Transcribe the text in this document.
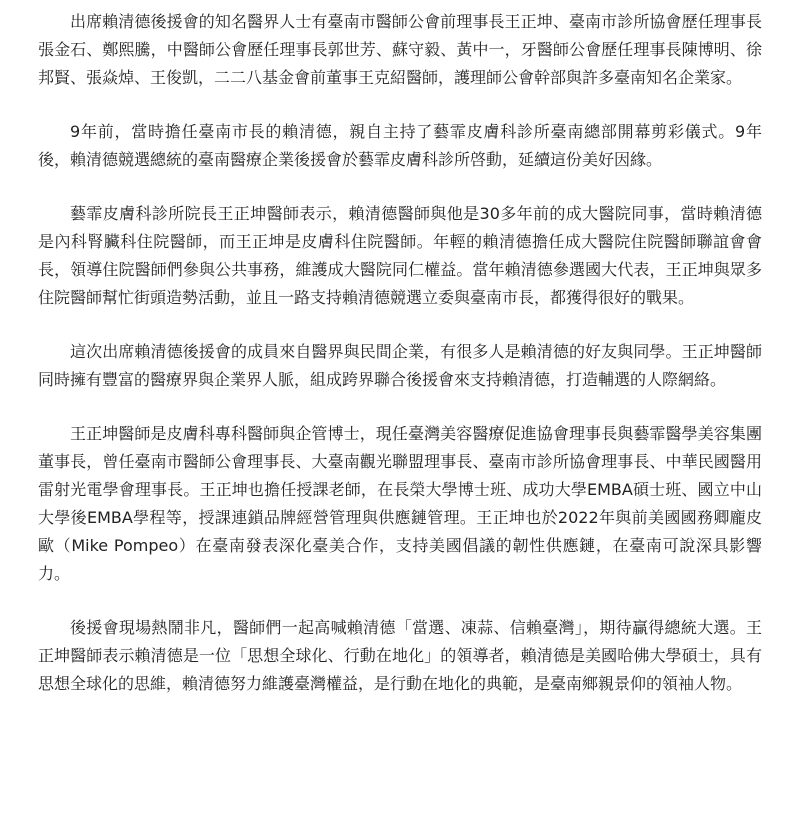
出席賴清德後援會的知名醫界人士有臺南市醫師公會前理事長王正坤、臺南市診所協會歷任理事長張金石、鄭熙騰，中醫師公會歷任理事長郭世芳、蘇守毅、黃中一，牙醫師公會歷任理事長陳博明、徐邦賢、張焱焯、王俊凱，二二八基金會前董事王克紹醫師，護理師公會幹部與許多臺南知名企業家。

9年前，當時擔任臺南市長的賴清德，親自主持了藝霏皮膚科診所臺南總部開幕剪彩儀式。9年後，賴清德競選總統的臺南醫療企業後援會於藝霏皮膚科診所啓動，延續這份美好因緣。

藝霏皮膚科診所院長王正坤醫師表示，賴清德醫師與他是30多年前的成大醫院同事，當時賴清德是內科腎臟科住院醫師，而王正坤是皮膚科住院醫師。年輕的賴清德擔任成大醫院住院醫師聯誼會會長，領導住院醫師們參與公共事務，維護成大醫院同仁權益。當年賴清德參選國大代表，王正坤與眾多住院醫師幫忙街頭造勢活動，並且一路支持賴清德競選立委與臺南市長，都獲得很好的戰果。

這次出席賴清德後援會的成員來自醫界與民間企業，有很多人是賴清德的好友與同學。王正坤醫師同時擁有豐富的醫療界與企業界人脈，組成跨界聯合後援會來支持賴清德，打造輔選的人際網絡。

王正坤醫師是皮膚科專科醫師與企管博士，現任臺灣美容醫療促進協會理事長與藝霏醫學美容集團董事長，曾任臺南市醫師公會理事長、大臺南觀光聯盟理事長、臺南市診所協會理事長、中華民國醫用雷射光電學會理事長。王正坤也擔任授課老師，在長榮大學博士班、成功大學EMBA碩士班、國立中山大學後EMBA學程等，授課連鎖品牌經營管理與供應鏈管理。王正坤也於2022年與前美國國務卿龐皮歐（Mike Pompeo）在臺南發表深化臺美合作，支持美國倡議的韌性供應鏈，在臺南可說深具影響力。

後援會現場熱鬧非凡，醫師們一起高喊賴清德「當選、凍蒜、信賴臺灣」，期待贏得總統大選。王正坤醫師表示賴清德是一位「思想全球化、行動在地化」的領導者，賴清德是美國哈佛大學碩士，具有思想全球化的思維，賴清德努力維護臺灣權益，是行動在地化的典範，是臺南鄉親景仰的領袖人物。
